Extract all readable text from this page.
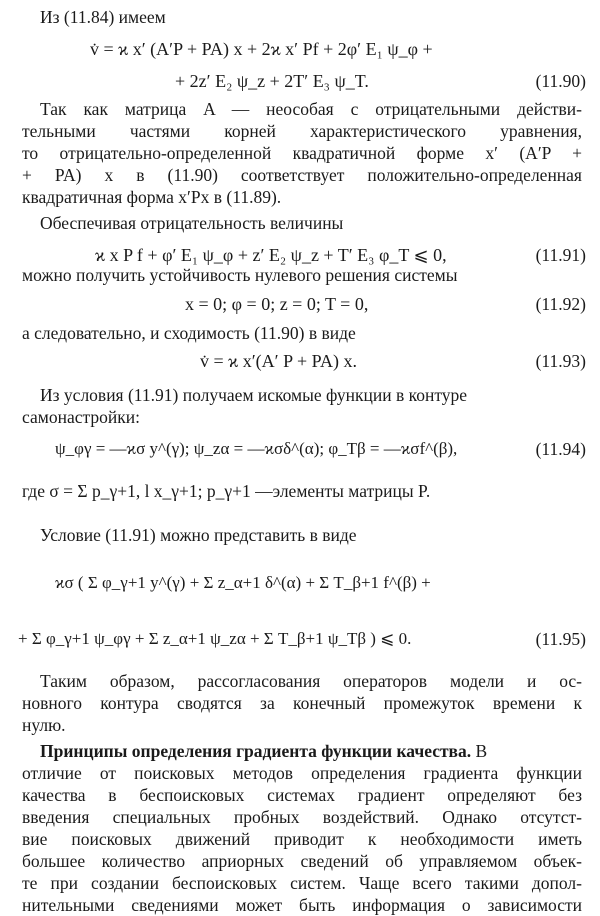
Из (11.84) имеем
v̇ = ϰ x′ (A′P + PA) x + 2ϰ x′ Pf + 2φ′ E₁ ψ_φ +
+ 2z′ E₂ ψ_z + 2T′ E₃ ψ_T.	(11.90)
Так как матрица A — неособая с отрицательными действи-
тельными частями корней характеристического уравнения,
то отрицательно-определенной квадратичной форме x′ (A′P +
+ PA) x в (11.90) соответствует положительно-определенная
квадратичная форма x′Px в (11.89).
Обеспечивая отрицательность величины
ϰ x P f + φ′ E₁ ψ_φ + z′ E₂ ψ_z + T′ E₃ φ_T ⩽ 0,	(11.91)
можно получить устойчивость нулевого решения системы
x = 0; φ = 0; z = 0; T = 0,	(11.92)
а следовательно, и сходимость (11.90) в виде
v̇ = ϰ x′(A′ P + PA) x.	(11.93)
Из условия (11.91) получаем искомые функции в контуре
самонастройки:
ψ_φγ = —ϰσ y^(γ); ψ_zα = —ϰσδ^(α); φ_Tβ = —ϰσf^(β),	(11.94)
где σ = Σ p_γ+1, l x_γ+1; p_γ+1 —элементы матрицы P.
Условие (11.91) можно представить в виде
ϰσ ( Σ φ_γ+1 y^(γ) + Σ z_α+1 δ^(α) + Σ T_β+1 f^(β) +
+ Σ φ_γ+1 ψ_φγ + Σ z_α+1 ψ_zα + Σ T_β+1 ψ_Tβ ) ⩽ 0.	(11.95)
Таким образом, рассогласования операторов модели и ос-
новного контура сводятся за конечный промежуток времени к
нулю.
Принципы определения градиента функции качества. В
отличие от поисковых методов определения градиента функции
качества в беспоисковых системах градиент определяют без
введения специальных пробных воздействий. Однако отсутст-
вие поисковых движений приводит к необходимости иметь
большее количество априорных сведений об управляемом объек-
те при создании беспоисковых систем. Чаще всего такими допол-
нительными сведениями может быть информация о зависимости
